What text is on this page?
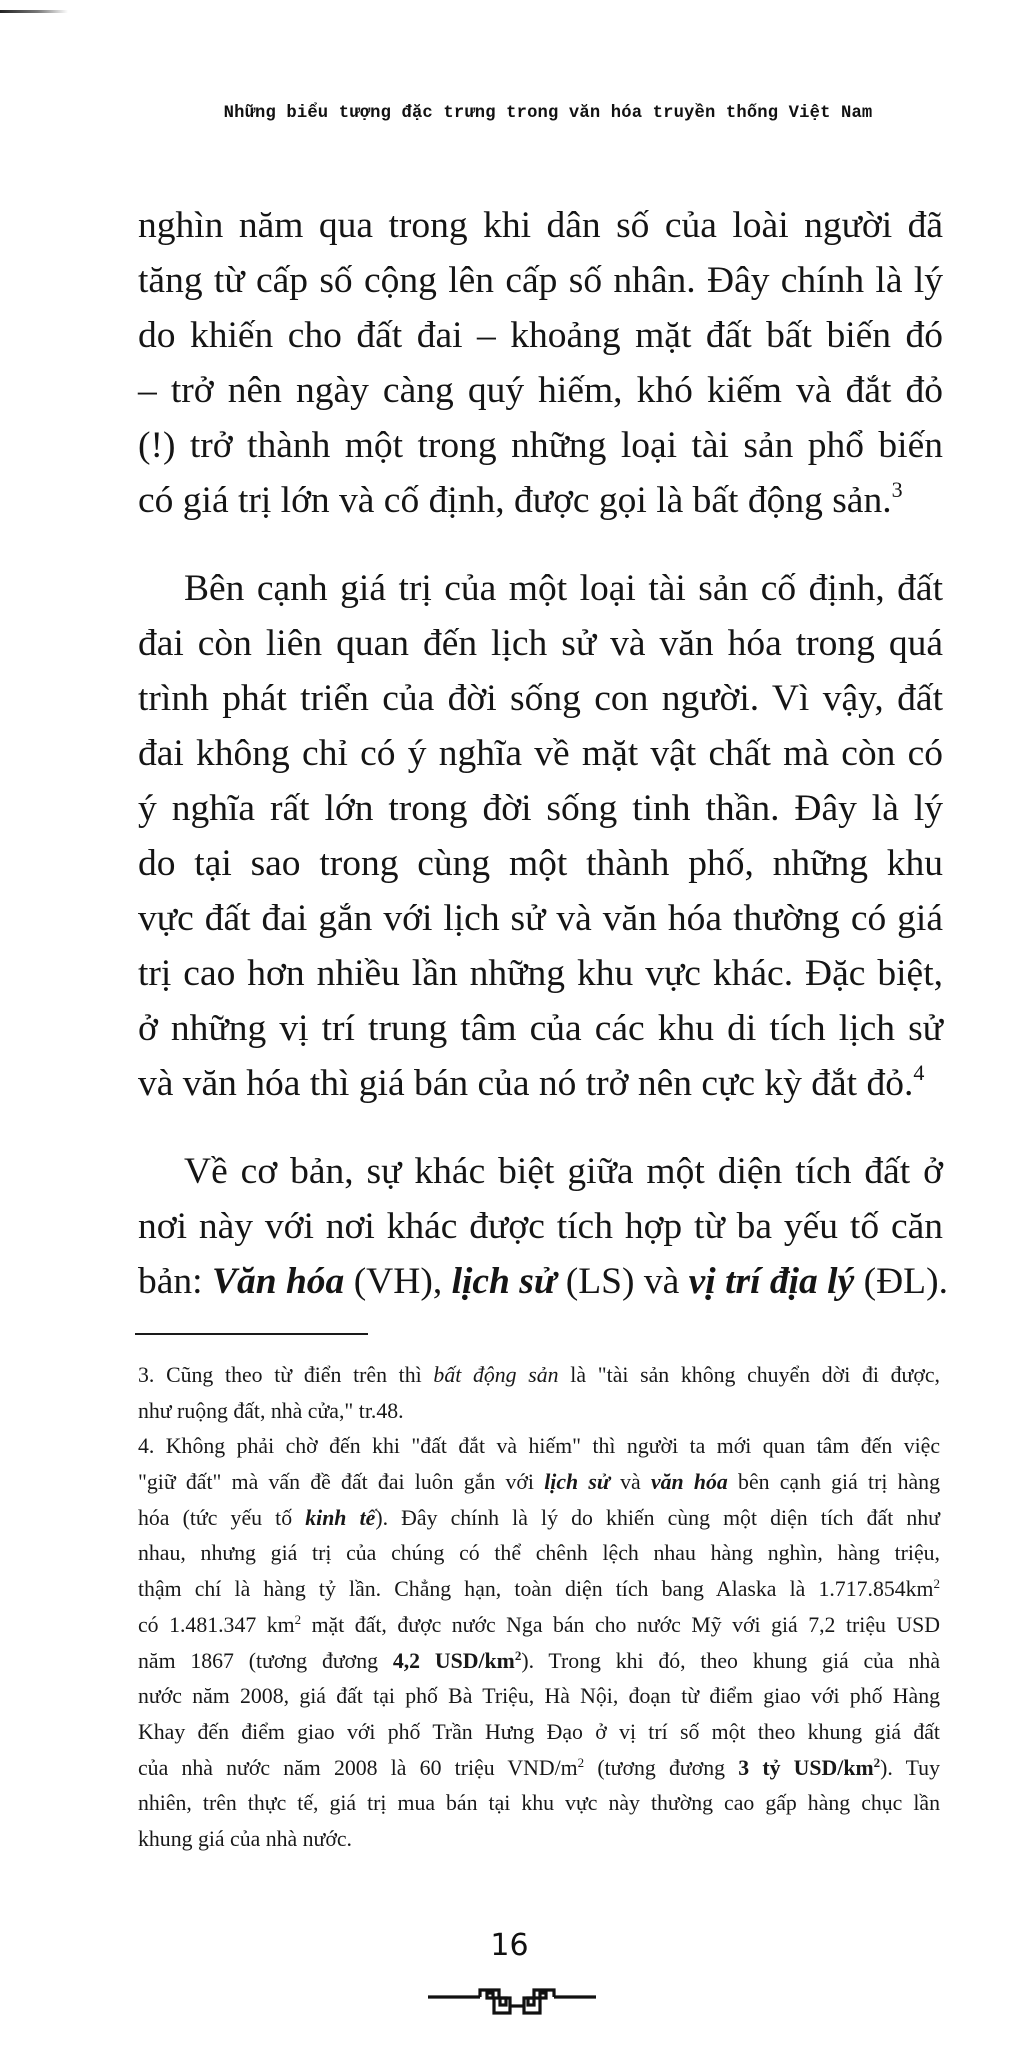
Những biểu tượng đặc trưng trong văn hóa truyền thống Việt Nam
nghìn năm qua trong khi dân số của loài người đã
tăng từ cấp số cộng lên cấp số nhân. Đây chính là lý
do khiến cho đất đai – khoảng mặt đất bất biến đó
– trở nên ngày càng quý hiếm, khó kiếm và đắt đỏ
(!) trở thành một trong những loại tài sản phổ biến
có giá trị lớn và cố định, được gọi là bất động sản.$^3$
Bên cạnh giá trị của một loại tài sản cố định, đất
đai còn liên quan đến lịch sử và văn hóa trong quá
trình phát triển của đời sống con người. Vì vậy, đất
đai không chỉ có ý nghĩa về mặt vật chất mà còn có
ý nghĩa rất lớn trong đời sống tinh thần. Đây là lý
do tại sao trong cùng một thành phố, những khu
vực đất đai gắn với lịch sử và văn hóa thường có giá
trị cao hơn nhiều lần những khu vực khác. Đặc biệt,
ở những vị trí trung tâm của các khu di tích lịch sử
và văn hóa thì giá bán của nó trở nên cực kỳ đắt đỏ.$^4$
Về cơ bản, sự khác biệt giữa một diện tích đất ở
nơi này với nơi khác được tích hợp từ ba yếu tố căn
bản: Văn hóa (VH), lịch sử (LS) và vị trí địa lý (ĐL).
3. Cũng theo từ điển trên thì bất động sản là "tài sản không chuyển dời đi được,
như ruộng đất, nhà cửa," tr.48.
4. Không phải chờ đến khi "đất đắt và hiếm" thì người ta mới quan tâm đến việc
"giữ đất" mà vấn đề đất đai luôn gắn với lịch sử và văn hóa bên cạnh giá trị hàng
hóa (tức yếu tố kinh tế). Đây chính là lý do khiến cùng một diện tích đất như
nhau, nhưng giá trị của chúng có thể chênh lệch nhau hàng nghìn, hàng triệu,
thậm chí là hàng tỷ lần. Chẳng hạn, toàn diện tích bang Alaska là $1.717.854km^2$
có 1.481.347 $km^2$ mặt đất, được nước Nga bán cho nước Mỹ với giá 7,2 triệu USD
năm 1867 (tương đương 4,2 USD/$km^2$). Trong khi đó, theo khung giá của nhà
nước năm 2008, giá đất tại phố Bà Triệu, Hà Nội, đoạn từ điểm giao với phố Hàng
Khay đến điểm giao với phố Trần Hưng Đạo ở vị trí số một theo khung giá đất
của nhà nước năm 2008 là 60 triệu VND/$m^2$ (tương đương 3 tỷ USD/$km^2$). Tuy
nhiên, trên thực tế, giá trị mua bán tại khu vực này thường cao gấp hàng chục lần
khung giá của nhà nước.
16
